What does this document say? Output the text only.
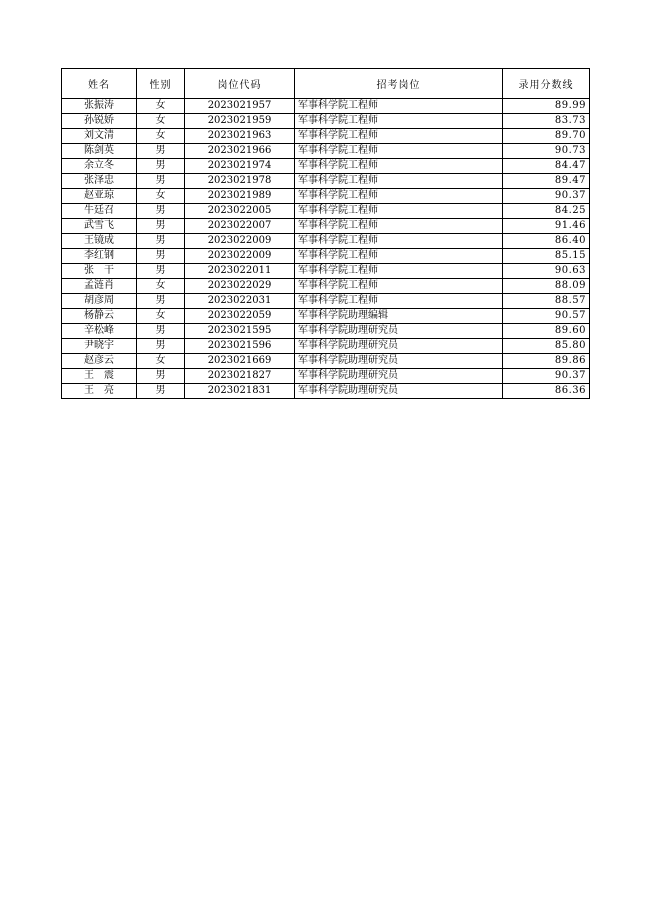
姓名	性别	岗位代码	招考岗位	录用分数线
张振涛	女	2023021957	军事科学院工程师	89.99
孙锐娇	女	2023021959	军事科学院工程师	83.73
刘文清	女	2023021963	军事科学院工程师	89.70
陈剑英	男	2023021966	军事科学院工程师	90.73
余立冬	男	2023021974	军事科学院工程师	84.47
张泽忠	男	2023021978	军事科学院工程师	89.47
赵亚琼	女	2023021989	军事科学院工程师	90.37
牛廷召	男	2023022005	军事科学院工程师	84.25
武雪飞	男	2023022007	军事科学院工程师	91.46
王镜成	男	2023022009	军事科学院工程师	86.40
李红钢	男	2023022009	军事科学院工程师	85.15
张　干	男	2023022011	军事科学院工程师	90.63
孟涟肖	女	2023022029	军事科学院工程师	88.09
胡彦周	男	2023022031	军事科学院工程师	88.57
杨静云	女	2023022059	军事科学院助理编辑	90.57
辛松峰	男	2023021595	军事科学院助理研究员	89.60
尹晓宇	男	2023021596	军事科学院助理研究员	85.80
赵彦云	女	2023021669	军事科学院助理研究员	89.86
王　震	男	2023021827	军事科学院助理研究员	90.37
王　亮	男	2023021831	军事科学院助理研究员	86.36
